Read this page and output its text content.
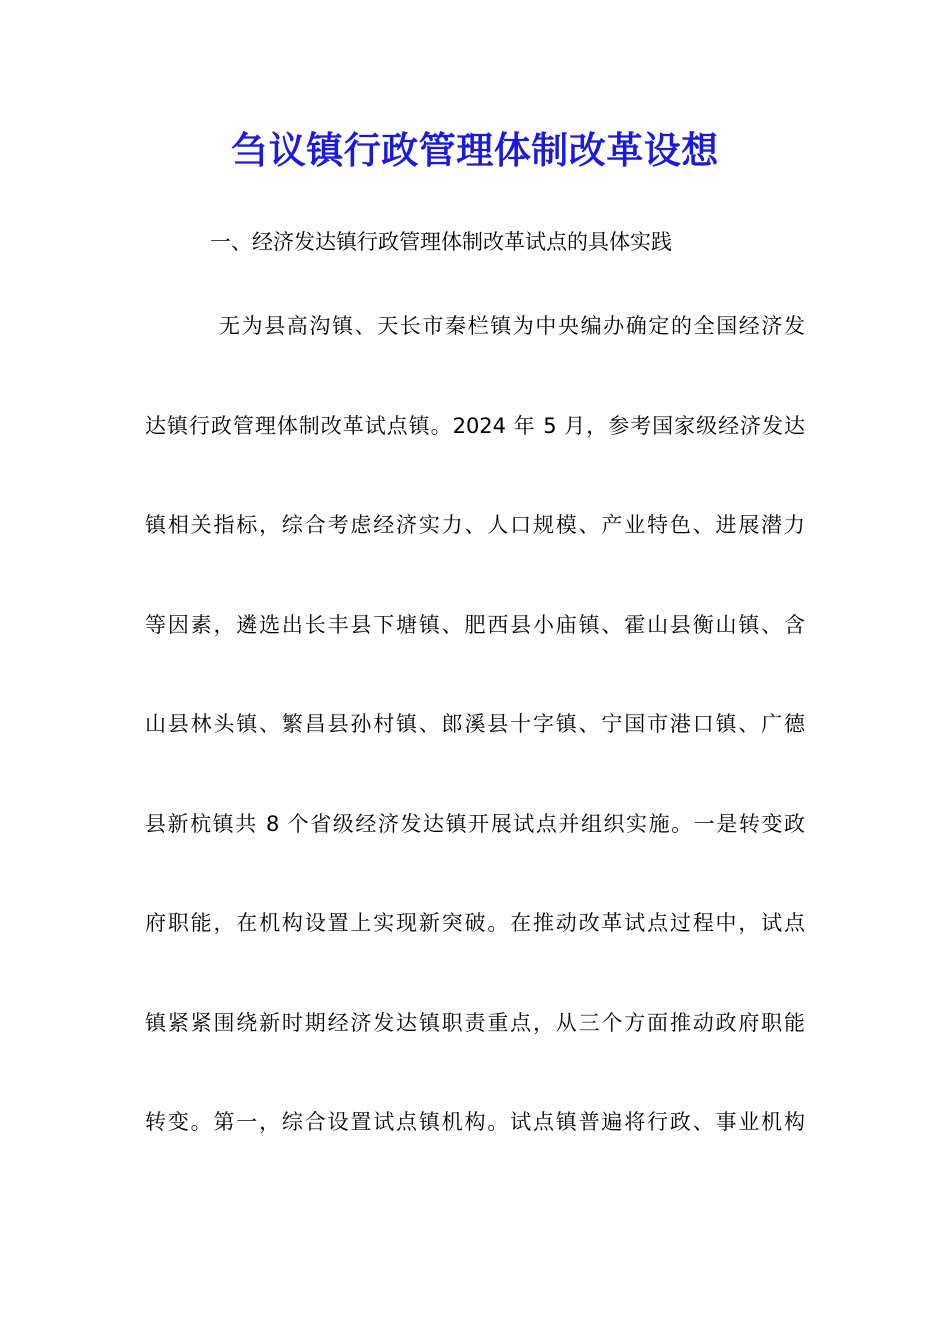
刍议镇行政管理体制改革设想

一、经济发达镇行政管理体制改革试点的具体实践

无为县高沟镇、天长市秦栏镇为中央编办确定的全国经济发
达镇行政管理体制改革试点镇。2024 年 5 月，参考国家级经济发达
镇相关指标，综合考虑经济实力、人口规模、产业特色、进展潜力
等因素，遴选出长丰县下塘镇、肥西县小庙镇、霍山县衡山镇、含
山县林头镇、繁昌县孙村镇、郎溪县十字镇、宁国市港口镇、广德
县新杭镇共 8 个省级经济发达镇开展试点并组织实施。一是转变政
府职能，在机构设置上实现新突破。在推动改革试点过程中，试点
镇紧紧围绕新时期经济发达镇职责重点，从三个方面推动政府职能
转变。第一，综合设置试点镇机构。试点镇普遍将行政、事业机构
